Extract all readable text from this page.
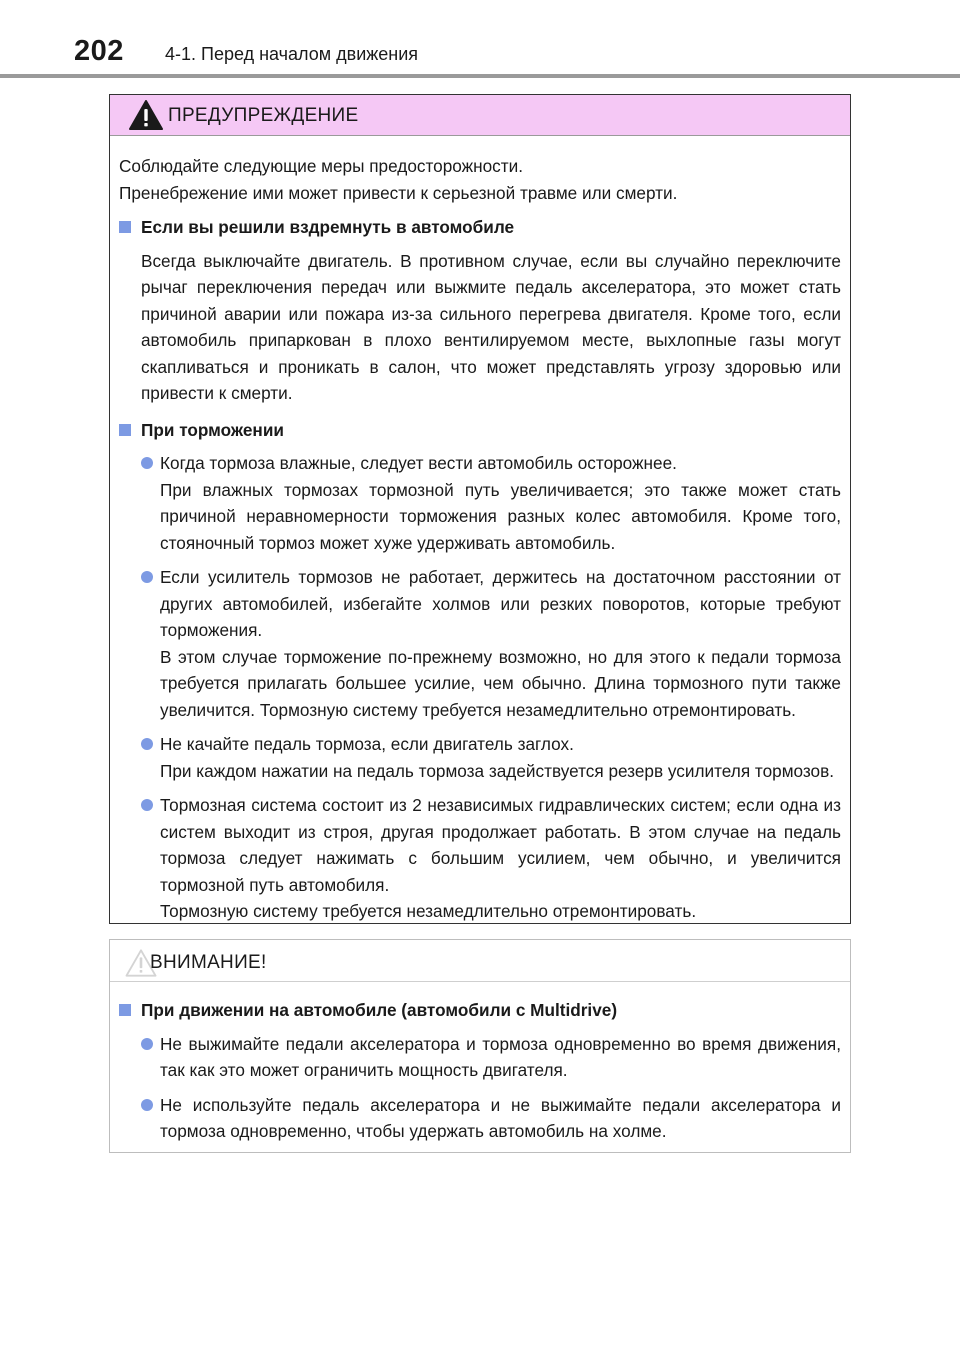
202 4-1. Перед началом движения
ПРЕДУПРЕЖДЕНИЕ

Соблюдайте следующие меры предосторожности.

Пренебрежение ими может привести к серьезной травме или смерти.

Если вы решили вздремнуть в автомобиле

Всегда выключайте двигатель. В противном случае, если вы случайно переключите рычаг переключения передач или выжмите педаль акселератора, это может стать причиной аварии или пожара из-за сильного перегрева двигателя. Кроме того, если автомобиль припаркован в плохо вентилируемом месте, выхлопные газы могут скапливаться и проникать в салон, что может представлять угрозу здоровью или привести к смерти.

При торможении

Когда тормоза влажные, следует вести автомобиль осторожнее.

При влажных тормозах тормозной путь увеличивается; это также может стать причиной неравномерности торможения разных колес автомобиля. Кроме того, стояночный тормоз может хуже удерживать автомобиль.

Если усилитель тормозов не работает, держитесь на достаточном расстоянии от других автомобилей, избегайте холмов или резких поворотов, которые требуют торможения.

В этом случае торможение по-прежнему возможно, но для этого к педали тормоза требуется прилагать большее усилие, чем обычно. Длина тормозного пути также увеличится. Тормозную систему требуется незамедлительно отремонтировать.

Не качайте педаль тормоза, если двигатель заглох.

При каждом нажатии на педаль тормоза задействуется резерв усилителя тормозов.

Тормозная система состоит из 2 независимых гидравлических систем; если одна из систем выходит из строя, другая продолжает работать. В этом случае на педаль тормоза следует нажимать с большим усилием, чем обычно, и увеличится тормозной путь автомобиля.

Тормозную систему требуется незамедлительно отремонтировать.

ВНИМАНИЕ!
При движении на автомобиле (автомобили с Multidrive)

Не выжимайте педали акселератора и тормоза одновременно во время движения, так как это может ограничить мощность двигателя.

Не используйте педаль акселератора и не выжимайте педали акселератора и тормоза одновременно, чтобы удержать автомобиль на холме.
